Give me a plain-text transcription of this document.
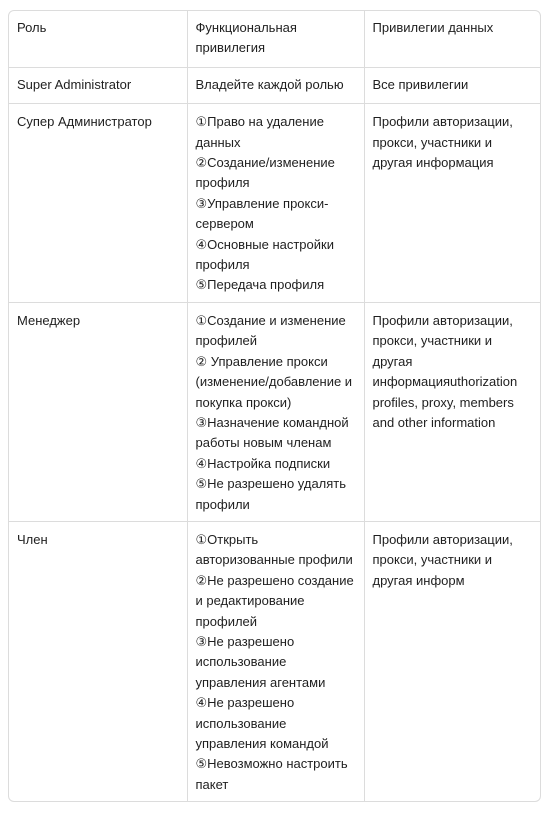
Роль	Функциональная привилегия	Привилегии данных
Super Administrator	Владейте каждой ролью	Все привилегии
Супер Администратор	①Право на удаление данных
②Создание/изменение профиля
③Управление прокси-сервером
④Основные настройки профиля
⑤Передача профиля	Профили авторизации, прокси, участники и другая информация
Менеджер	①Создание и изменение профилей
② Управление прокси (изменение/добавление и покупка прокси)
③Назначение командной работы новым членам
④Настройка подписки
⑤Не разрешено удалять профили	Профили авторизации, прокси, участники и другая информацияuthorization profiles, proxy, members and other information
Член	①Открыть авторизованные профили
②Не разрешено создание и редактирование профилей
③Не разрешено использование управления агентами
④Не разрешено использование управления командой
⑤Невозможно настроить пакет	Профили авторизации, прокси, участники и другая информ
